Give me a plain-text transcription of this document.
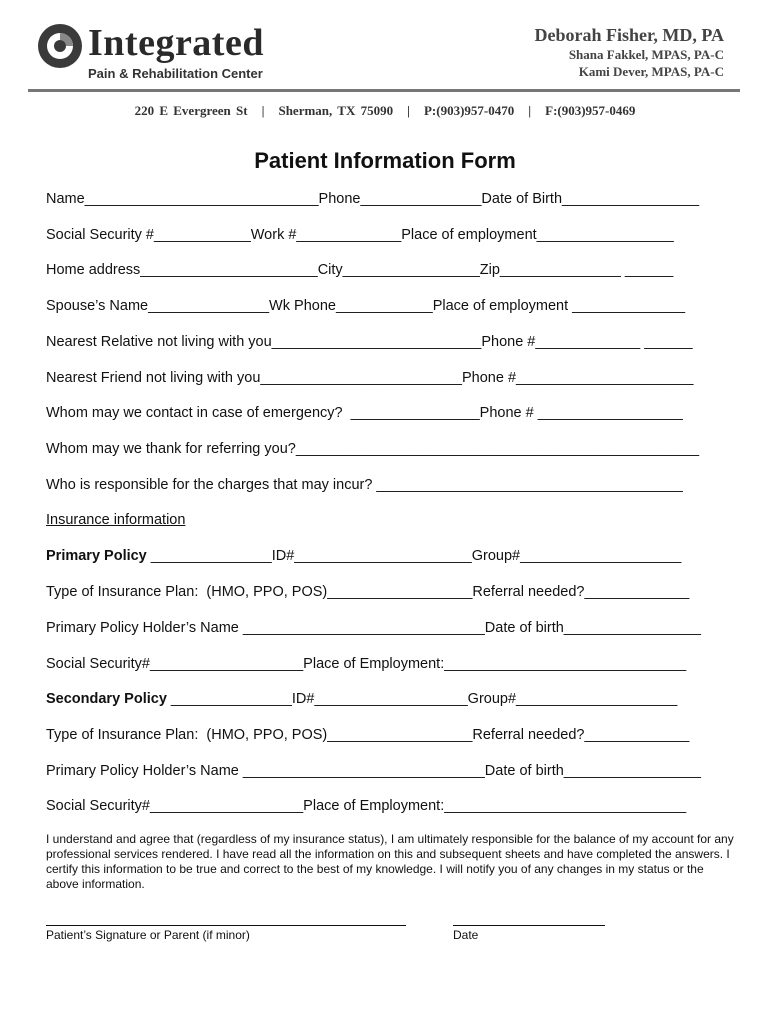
Integrated
Pain & Rehabilitation Center
Deborah Fisher, MD, PA
Shana Fakkel, MPAS, PA-C
Kami Dever, MPAS, PA-C
220 E Evergreen St | Sherman, TX 75090 | P:(903)957-0470 | F:(903)957-0469
Patient Information Form
Name_____________________________Phone_______________Date of Birth_________________
Social Security #____________Work #_____________Place of employment_________________
Home address______________________City_________________Zip_______________ ______
Spouse’s Name_______________Wk Phone____________Place of employment ______________
Nearest Relative not living with you__________________________Phone #_____________ ______
Nearest Friend not living with you_________________________Phone #______________________
Whom may we contact in case of emergency?  ________________Phone # __________________
Whom may we thank for referring you?__________________________________________________
Who is responsible for the charges that may incur? ______________________________________
Insurance information
Primary Policy _______________ID#______________________Group#____________________
Type of Insurance Plan:  (HMO, PPO, POS)__________________Referral needed?_____________
Primary Policy Holder’s Name ______________________________Date of birth_________________
Social Security#___________________Place of Employment:______________________________
Secondary Policy _______________ID#___________________Group#____________________
Type of Insurance Plan:  (HMO, PPO, POS)__________________Referral needed?_____________
Primary Policy Holder’s Name ______________________________Date of birth_________________
Social Security#___________________Place of Employment:______________________________
I understand and agree that (regardless of my insurance status), I am ultimately responsible for the balance of my account for any professional services rendered. I have read all the information on this and subsequent sheets and have completed the answers. I certify this information to be true and correct to the best of my knowledge. I will notify you of any changes in my status or the above information.
Patient’s Signature or Parent (if minor)	Date
